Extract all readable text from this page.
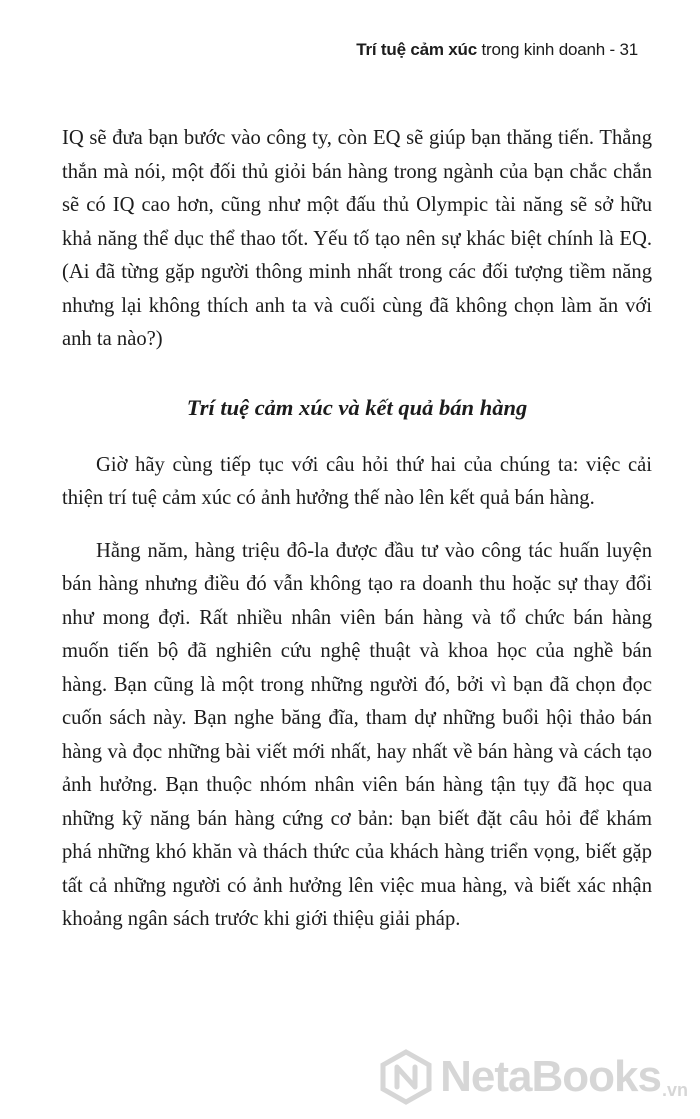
Trí tuệ cảm xúc trong kinh doanh - 31

IQ sẽ đưa bạn bước vào công ty, còn EQ sẽ giúp bạn thăng tiến. Thẳng thắn mà nói, một đối thủ giỏi bán hàng trong ngành của bạn chắc chắn sẽ có IQ cao hơn, cũng như một đấu thủ Olympic tài năng sẽ sở hữu khả năng thể dục thể thao tốt. Yếu tố tạo nên sự khác biệt chính là EQ. (Ai đã từng gặp người thông minh nhất trong các đối tượng tiềm năng nhưng lại không thích anh ta và cuối cùng đã không chọn làm ăn với anh ta nào?)

Trí tuệ cảm xúc và kết quả bán hàng

Giờ hãy cùng tiếp tục với câu hỏi thứ hai của chúng ta: việc cải thiện trí tuệ cảm xúc có ảnh hưởng thế nào lên kết quả bán hàng.

Hằng năm, hàng triệu đô-la được đầu tư vào công tác huấn luyện bán hàng nhưng điều đó vẫn không tạo ra doanh thu hoặc sự thay đổi như mong đợi. Rất nhiều nhân viên bán hàng và tổ chức bán hàng muốn tiến bộ đã nghiên cứu nghệ thuật và khoa học của nghề bán hàng. Bạn cũng là một trong những người đó, bởi vì bạn đã chọn đọc cuốn sách này. Bạn nghe băng đĩa, tham dự những buổi hội thảo bán hàng và đọc những bài viết mới nhất, hay nhất về bán hàng và cách tạo ảnh hưởng. Bạn thuộc nhóm nhân viên bán hàng tận tụy đã học qua những kỹ năng bán hàng cứng cơ bản: bạn biết đặt câu hỏi để khám phá những khó khăn và thách thức của khách hàng triển vọng, biết gặp tất cả những người có ảnh hưởng lên việc mua hàng, và biết xác nhận khoảng ngân sách trước khi giới thiệu giải pháp.

NetaBooks .vn
